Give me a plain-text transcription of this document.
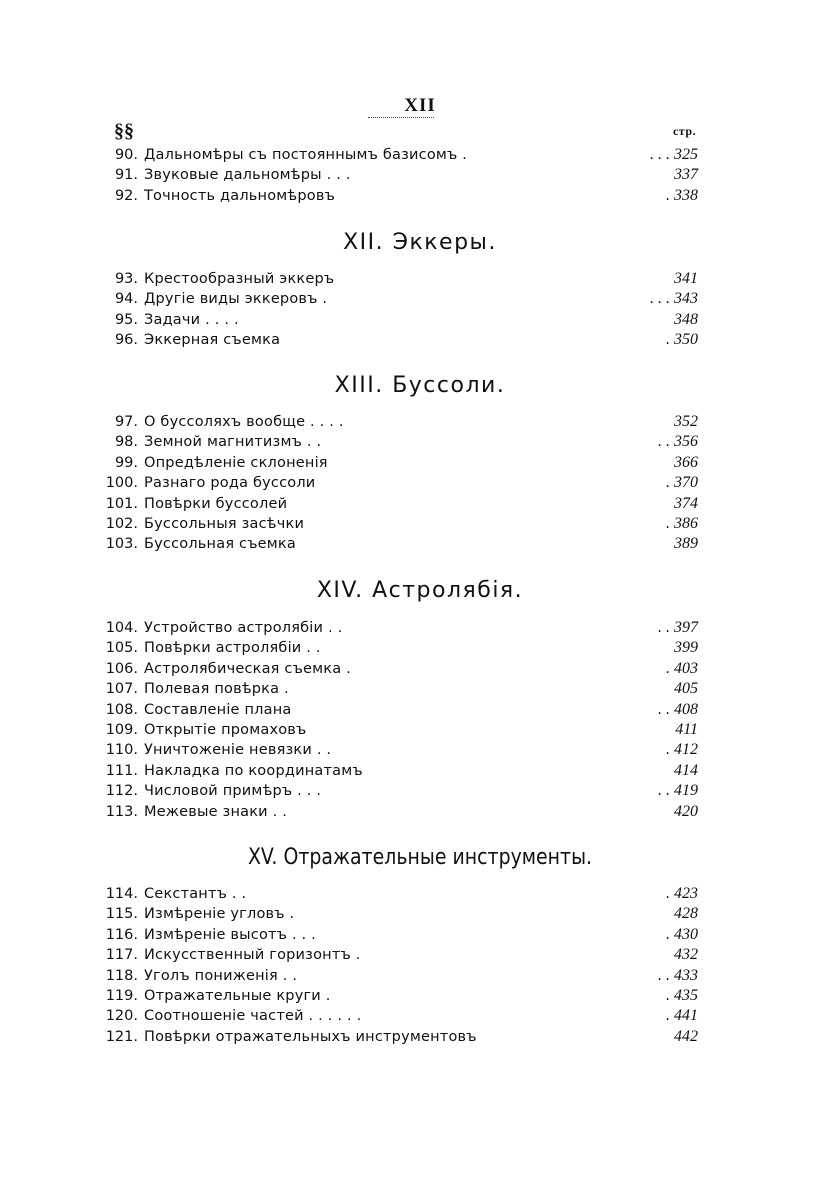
XII
§§	стр.
90. Дальномѣры съ постояннымъ базисомъ .	. . . 325
91. Звуковые дальномѣры . . .	337
92. Точность дальномѣровъ	. 338
XII. Эккеры.
93. Крестообразный эккеръ	341
94. Другіе виды эккеровъ .	. . . 343
95. Задачи . . . .	348
96. Эккерная съемка	. 350
XIII. Буссоли.
97. О буссоляхъ вообще . . . .	352
98. Земной магнитизмъ . .	. . 356
99. Опредѣленіе склоненія	366
100. Разнаго рода буссоли	. 370
101. Повѣрки буссолей	374
102. Буссольныя засѣчки	. 386
103. Буссольная съемка	389
XIV. Астролябія.
104. Устройство астролябіи . .	. . 397
105. Повѣрки астролябіи . .	399
106. Астролябическая съемка .	. 403
107. Полевая повѣрка .	405
108. Составленіе плана	. . 408
109. Открытіе промаховъ	411
110. Уничтоженіе невязки . .	. 412
111. Накладка по координатамъ	414
112. Числовой примѣръ . . .	. . 419
113. Межевые знаки . .	420
XV. Отражательные инструменты.
114. Секстантъ . .	. 423
115. Измѣреніе угловъ .	428
116. Измѣреніе высотъ . . .	. 430
117. Искусственный горизонтъ .	432
118. Уголъ пониженія . .	. . 433
119. Отражательные круги .	. 435
120. Соотношеніе частей . . . . . .	. 441
121. Повѣрки отражательныхъ инструментовъ	442
